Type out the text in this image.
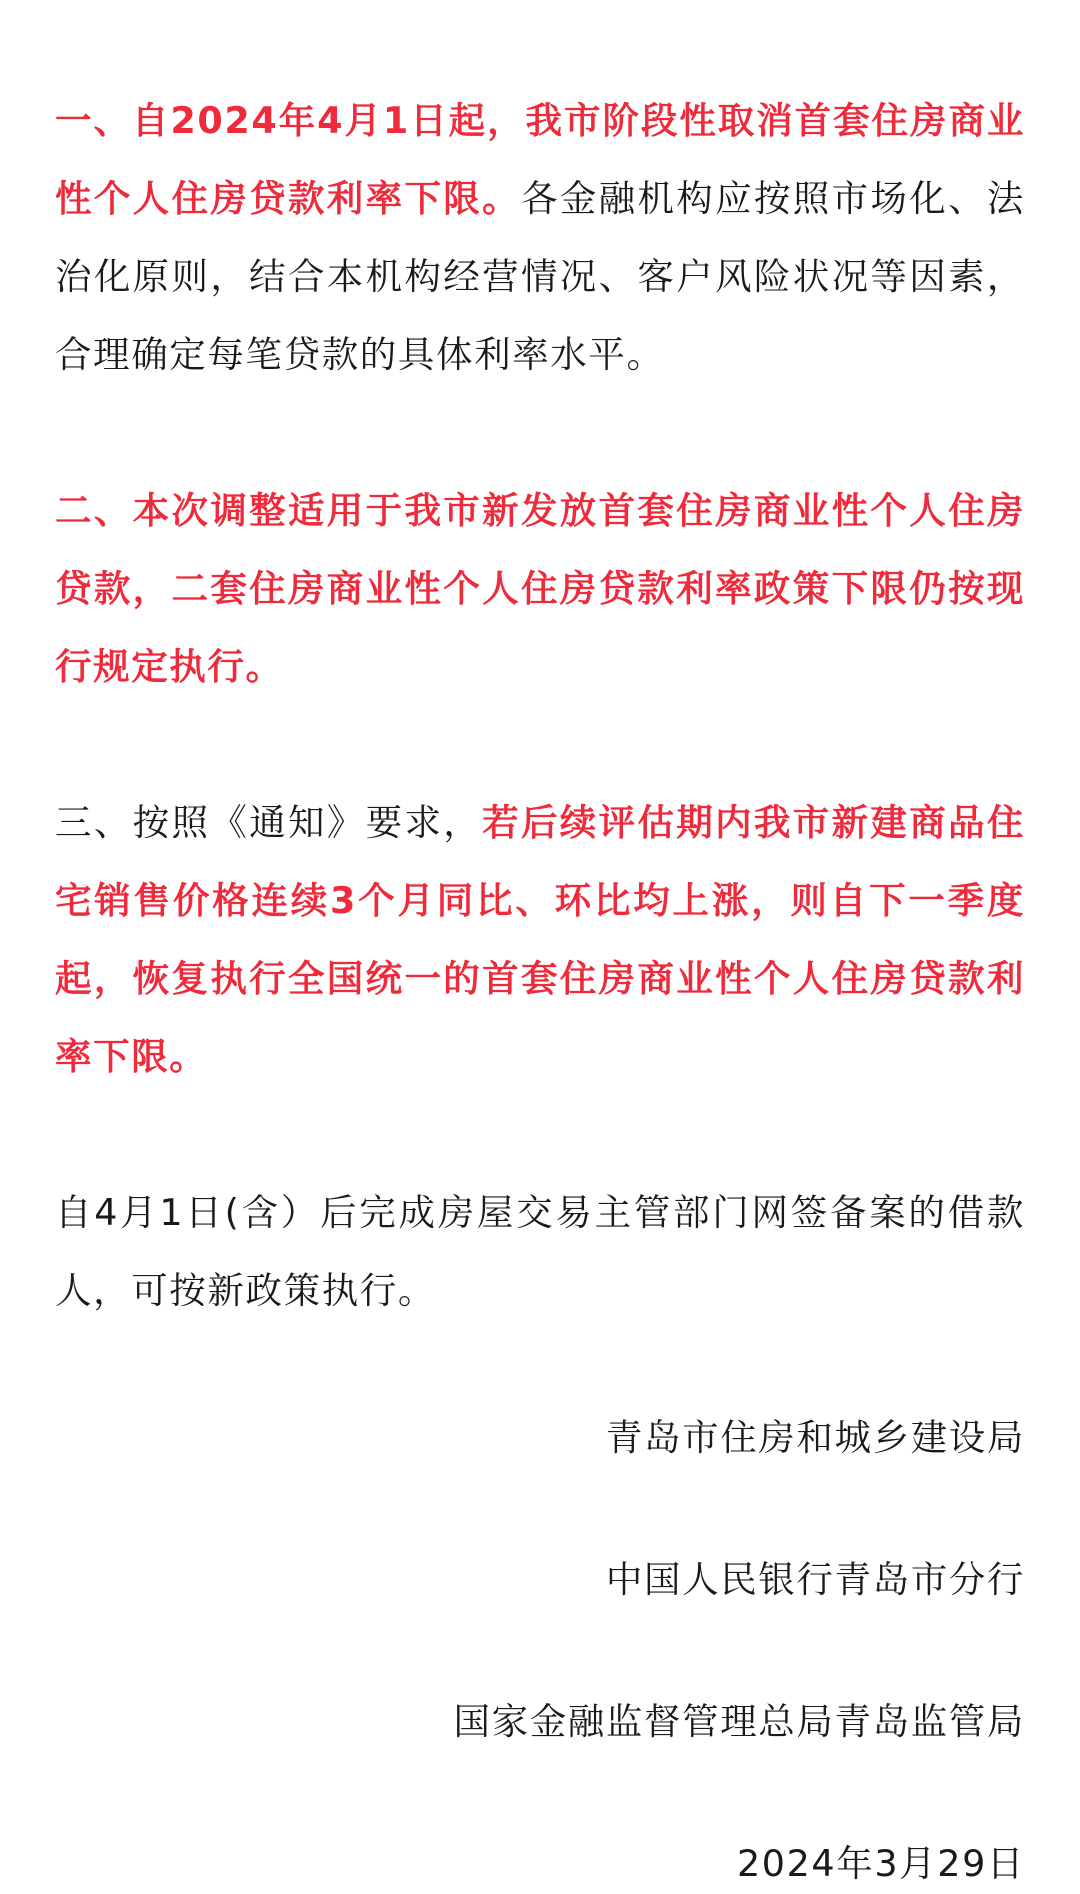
一、自2024年4月1日起，我市阶段性取消首套住房商业性个人住房贷款利率下限。各金融机构应按照市场化、法治化原则，结合本机构经营情况、客户风险状况等因素，合理确定每笔贷款的具体利率水平。

二、本次调整适用于我市新发放首套住房商业性个人住房贷款，二套住房商业性个人住房贷款利率政策下限仍按现行规定执行。

三、按照《通知》要求，若后续评估期内我市新建商品住宅销售价格连续3个月同比、环比均上涨，则自下一季度起，恢复执行全国统一的首套住房商业性个人住房贷款利率下限。

自4月1日(含）后完成房屋交易主管部门网签备案的借款人，可按新政策执行。

青岛市住房和城乡建设局

中国人民银行青岛市分行

国家金融监督管理总局青岛监管局

2024年3月29日
